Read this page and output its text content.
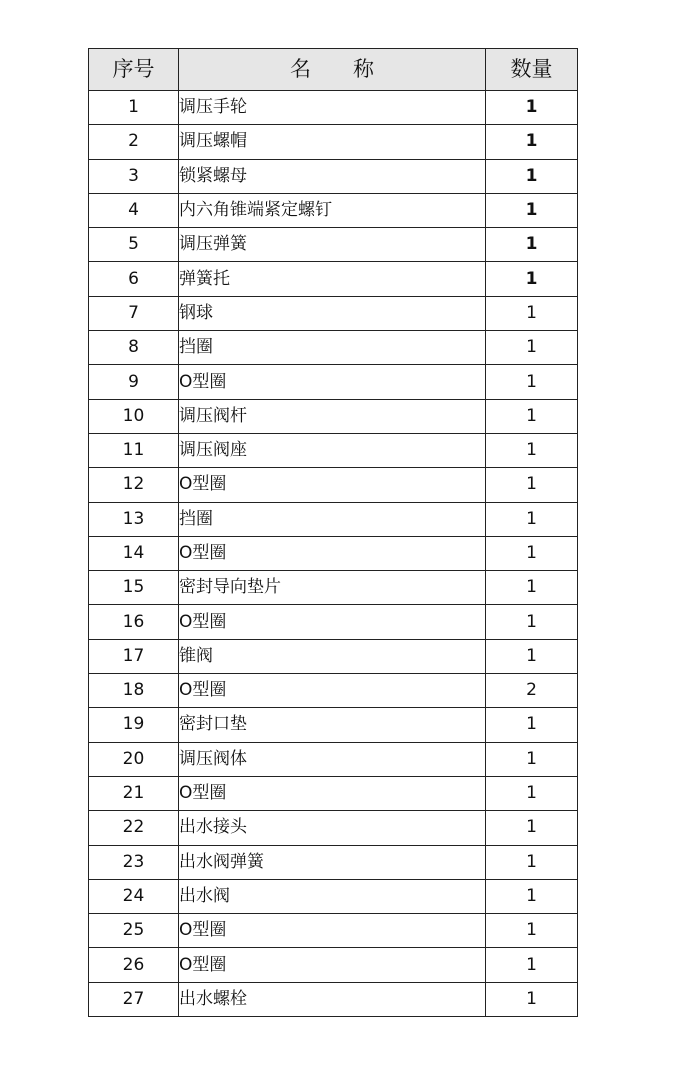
序号	名　　称	数量
1	调压手轮	1
2	调压螺帽	1
3	锁紧螺母	1
4	内六角锥端紧定螺钉	1
5	调压弹簧	1
6	弹簧托	1
7	钢球	1
8	挡圈	1
9	O型圈	1
10	调压阀杆	1
11	调压阀座	1
12	O型圈	1
13	挡圈	1
14	O型圈	1
15	密封导向垫片	1
16	O型圈	1
17	锥阀	1
18	O型圈	2
19	密封口垫	1
20	调压阀体	1
21	O型圈	1
22	出水接头	1
23	出水阀弹簧	1
24	出水阀	1
25	O型圈	1
26	O型圈	1
27	出水螺栓	1
